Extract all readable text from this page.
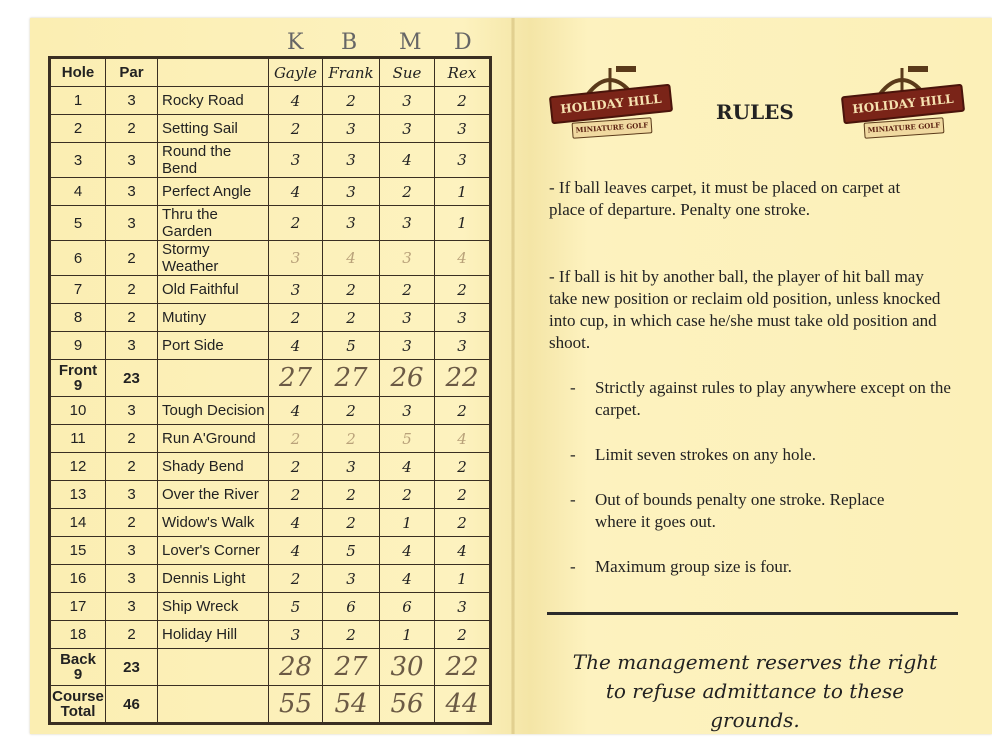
K B M D
Hole	Par		Gayle	Frank	Sue	Rex
1	3	Rocky Road	4	2	3	2
2	2	Setting Sail	2	3	3	3
3	3	Round the Bend	3	3	4	3
4	3	Perfect Angle	4	3	2	1
5	3	Thru the Garden	2	3	3	1
6	2	Stormy Weather	3	4	3	4
7	2	Old Faithful	3	2	2	2
8	2	Mutiny	2	2	3	3
9	3	Port Side	4	5	3	3

Front
9	23		27	27	26	22
10	3	Tough Decision	4	2	3	2
11	2	Run A'Ground	2	2	5	4
12	2	Shady Bend	2	3	4	2
13	3	Over the River	2	2	2	2
14	2	Widow's Walk	4	2	1	2
15	3	Lover's Corner	4	5	4	4
16	3	Dennis Light	2	3	4	1
17	3	Ship Wreck	5	6	6	3
18	2	Holiday Hill	3	2	1	2

Back
9	23		28	27	30	22

Course
Total	46		55	54	56	44
HOLIDAY HILL
MINIATURE GOLF
HOLIDAY HILL
MINIATURE GOLF
RULES
- If ball leaves carpet, it must be placed on carpet at place of departure. Penalty one stroke.
- If ball is hit by another ball, the player of hit ball may take new position or reclaim old position, unless knocked into cup, in which case he/she must take old position and shoot.
- Strictly against rules to play anywhere except on the carpet.
- Limit seven strokes on any hole.
- Out of bounds penalty one stroke. Replace where it goes out.
- Maximum group size is four.
The management reserves the right to refuse admittance to these grounds.
